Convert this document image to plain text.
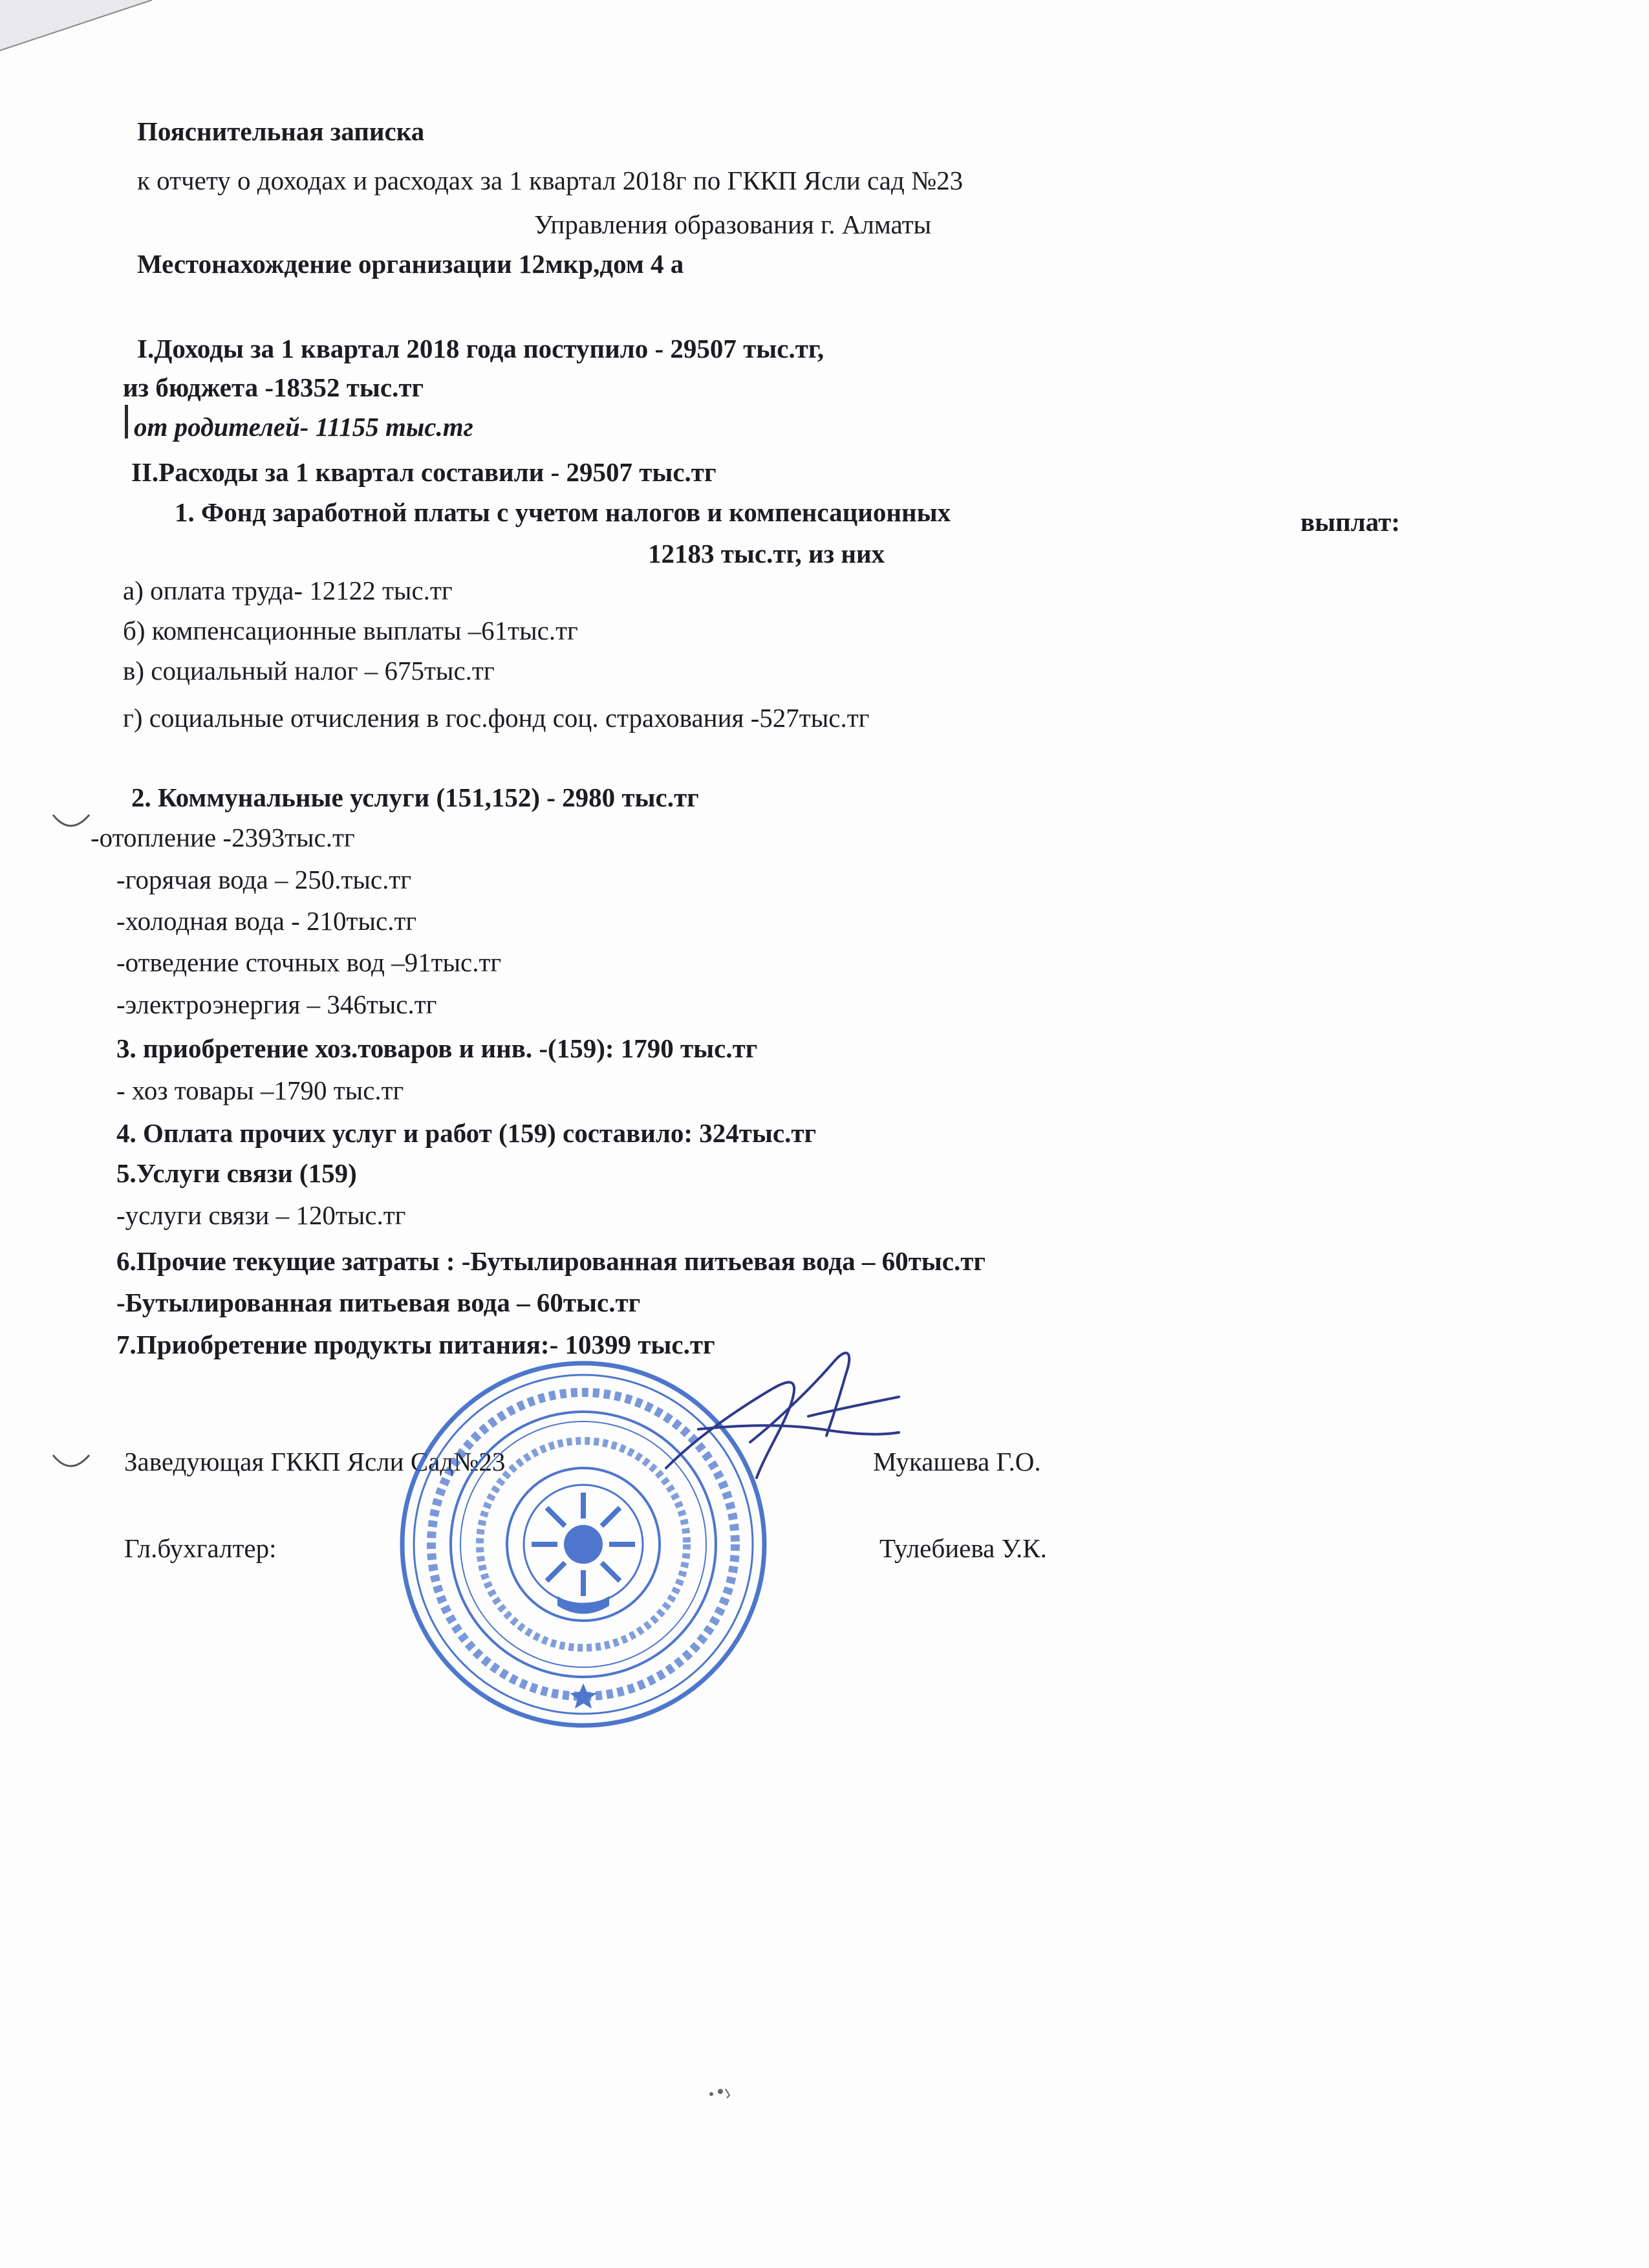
Пояснительная записка
к отчету о доходах и расходах за 1 квартал 2018г по ГККП Ясли сад №23
Управления образования г. Алматы
Местонахождение организации 12мкр,дом 4 а
I.Доходы за 1 квартал 2018 года поступило - 29507 тыс.тг,
из бюджета -18352 тыс.тг
от родителей- 11155 тыс.тг
II.Расходы за 1 квартал составили - 29507 тыс.тг
1. Фонд заработной платы с учетом налогов и компенсационных	выплат:
12183 тыс.тг, из них
а) оплата труда- 12122 тыс.тг
б) компенсационные выплаты –61тыс.тг
в) социальный налог – 675тыс.тг
г) социальные отчисления в гос.фонд соц. страхования -527тыс.тг
2. Коммунальные услуги (151,152) - 2980 тыс.тг
-отопление -2393тыс.тг
-горячая вода – 250.тыс.тг
-холодная вода - 210тыс.тг
-отведение сточных вод –91тыс.тг
-электроэнергия – 346тыс.тг
3. приобретение хоз.товаров и инв. -(159): 1790 тыс.тг
- хоз товары –1790 тыс.тг
4. Оплата прочих услуг и работ (159) составило: 324тыс.тг
5.Услуги связи (159)
-услуги связи – 120тыс.тг
6.Прочие текущие затраты : -Бутылированная питьевая вода – 60тыс.тг
-Бутылированная питьевая вода – 60тыс.тг
7.Приобретение продукты питания:- 10399 тыс.тг
Заведующая ГККП Ясли Сад№23	Мукашева Г.О.
Гл.бухгалтер:	Тулебиева У.К.
